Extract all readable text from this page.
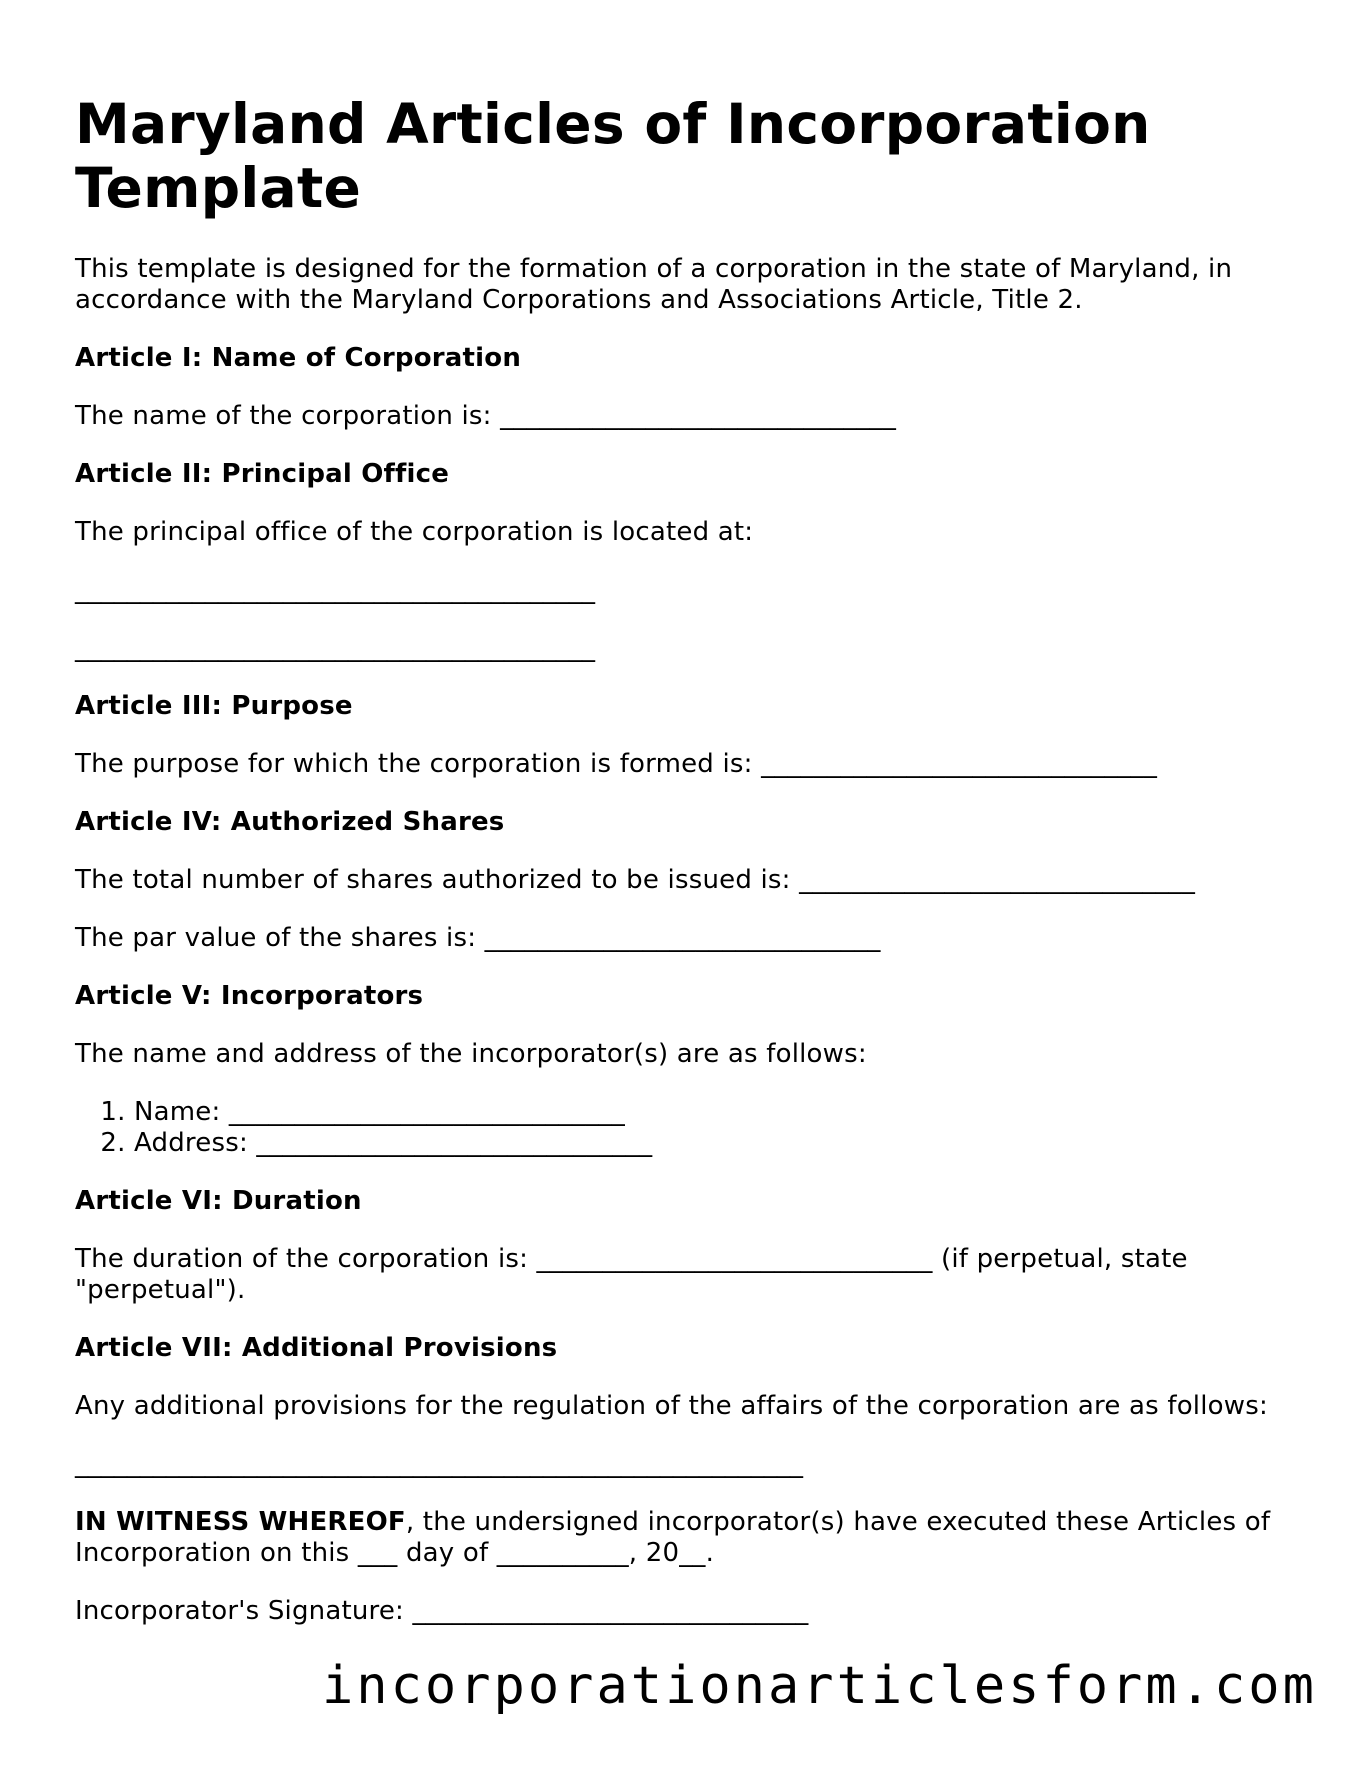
Maryland Articles of Incorporation Template

This template is designed for the formation of a corporation in the state of Maryland, in accordance with the Maryland Corporations and Associations Article, Title 2.

Article I: Name of Corporation

The name of the corporation is: ______________________________

Article II: Principal Office

The principal office of the corporation is located at:

________________________________________
________________________________________
Article III: Purpose

The purpose for which the corporation is formed is: ______________________________

Article IV: Authorized Shares

The total number of shares authorized to be issued is: ______________________________

The par value of the shares is: ______________________________

Article V: Incorporators

The name and address of the incorporator(s) are as follows:

1. Name: ______________________________
2. Address: ______________________________
Article VI: Duration

The duration of the corporation is: ______________________________ (if perpetual, state "perpetual").

Article VII: Additional Provisions

Any additional provisions for the regulation of the affairs of the corporation are as follows:

________________________________________________________

IN WITNESS WHEREOF, the undersigned incorporator(s) have executed these Articles of Incorporation on this ___ day of __________, 20__.

Incorporator's Signature: ______________________________

incorporationarticlesform.com
